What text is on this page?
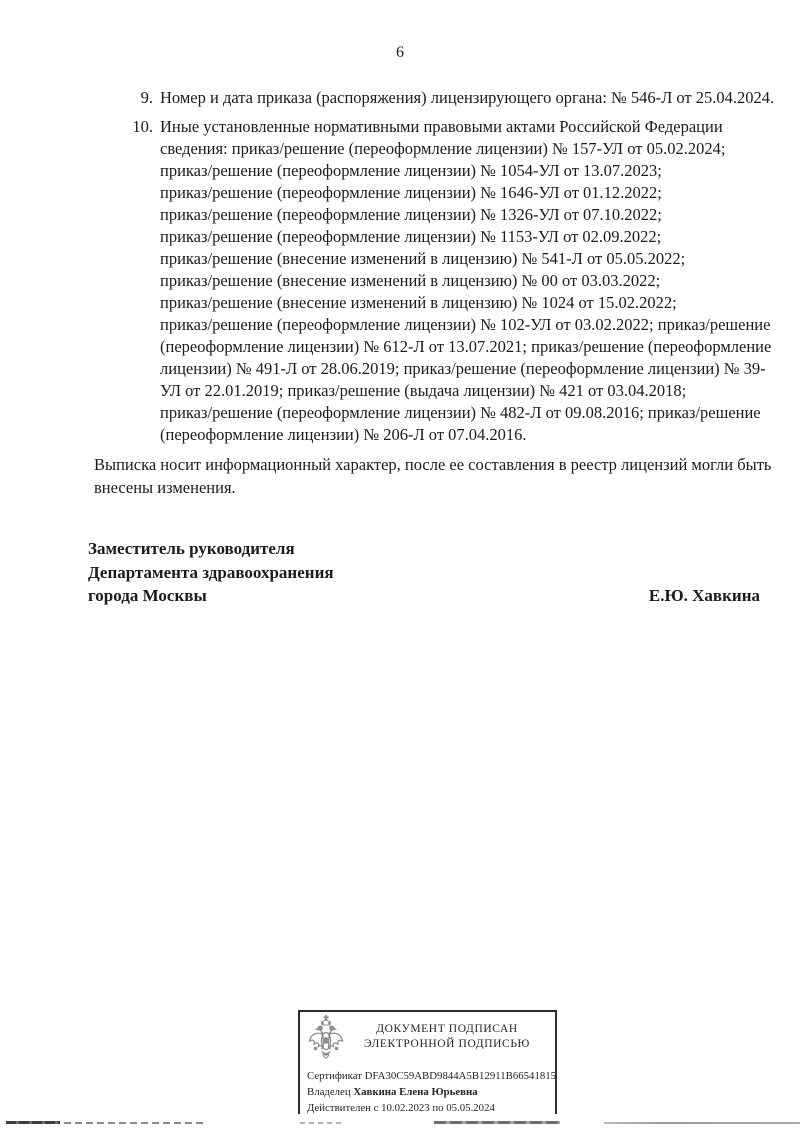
6
9. Номер и дата приказа (распоряжения) лицензирующего органа: № 546-Л от 25.04.2024.
10. Иные установленные нормативными правовыми актами Российской Федерации
сведения: приказ/решение (переоформление лицензии) № 157-УЛ от 05.02.2024;
приказ/решение (переоформление лицензии) № 1054-УЛ от 13.07.2023;
приказ/решение (переоформление лицензии) № 1646-УЛ от 01.12.2022;
приказ/решение (переоформление лицензии) № 1326-УЛ от 07.10.2022;
приказ/решение (переоформление лицензии) № 1153-УЛ от 02.09.2022;
приказ/решение (внесение изменений в лицензию) № 541-Л от 05.05.2022;
приказ/решение (внесение изменений в лицензию) № 00 от 03.03.2022;
приказ/решение (внесение изменений в лицензию) № 1024 от 15.02.2022;
приказ/решение (переоформление лицензии) № 102-УЛ от 03.02.2022; приказ/решение
(переоформление лицензии) № 612-Л от 13.07.2021; приказ/решение (переоформление
лицензии) № 491-Л от 28.06.2019; приказ/решение (переоформление лицензии) № 39-
УЛ от 22.01.2019; приказ/решение (выдача лицензии) № 421 от 03.04.2018;
приказ/решение (переоформление лицензии) № 482-Л от 09.08.2016; приказ/решение
(переоформление лицензии) № 206-Л от 07.04.2016.
Выписка носит информационный характер, после ее составления в реестр лицензий могли быть
внесены изменения.
Заместитель руководителя
Департамента здравоохранения
города Москвы	Е.Ю. Хавкина
ДОКУМЕНТ ПОДПИСАН
ЭЛЕКТРОННОЙ ПОДПИСЬЮ
Сертификат DFA30C59ABD9844A5B12911B66541815
Владелец Хавкина Елена Юрьевна
Действителен с 10.02.2023 по 05.05.2024
